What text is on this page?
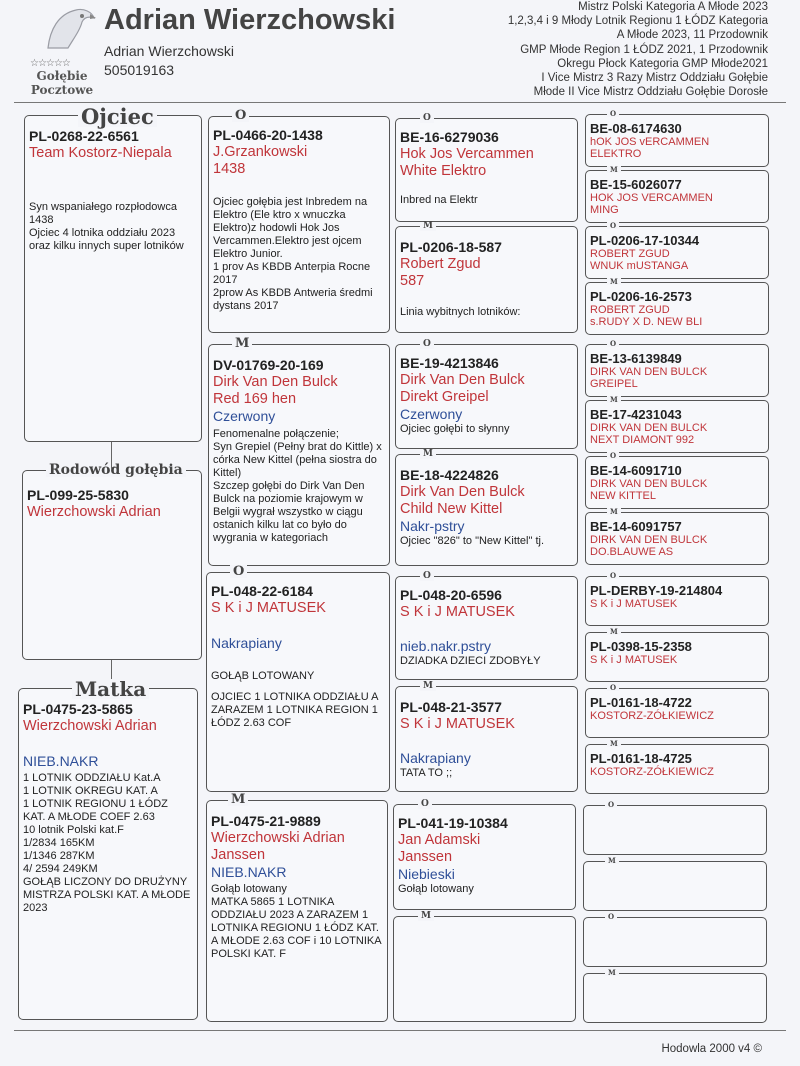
☆☆☆☆☆
Gołębie
Pocztowe
Adrian Wierzchowski
Adrian Wierzchowski
505019163
Mistrz Polski Kategoria A Młode 2023
1,2,3,4 i 9 Młody Lotnik Regionu 1 ŁÓDZ Kategoria
A Młode 2023, 11 Przodownik
GMP Młode Region 1 ŁÓDZ 2021, 1 Przodownik
Okregu Płock Kategoria GMP Młode2021
I Vice Mistrz 3 Razy Mistrz Oddziału Gołębie
Młode II Vice Mistrz Oddziału Gołębie Dorosłe
PL-0268-22-6561
Team Kostorz-Niepala
Syn wspaniałego rozpłodowca 1438
Ojciec 4 lotnika oddziału 2023 oraz kilku innych super lotników
Ojciec
PL-099-25-5830
Wierzchowski Adrian
Rodowód gołębia
PL-0475-23-5865
Wierzchowski Adrian
NIEB.NAKR
1 LOTNIK ODDZIAŁU Kat.A
1 LOTNIK OKREGU KAT. A
1 LOTNIK REGIONU 1 ŁÓDZ
KAT. A MŁODE COEF 2.63
10 lotnik Polski kat.F
1/2834 165KM
1/1346 287KM
4/ 2594 249KM
GOŁĄB LICZONY DO DRUŻYNY MISTRZA POLSKI KAT. A MŁODE 2023
Matka
PL-0466-20-1438
J.Grzankowski
1438
Ojciec gołębia jest Inbredem na Elektro (Ele ktro x wnuczka Elektro)z hodowli Hok Jos Vercammen.Elektro jest ojcem Elektro Junior.
1 prov As KBDB Anterpia Rocne 2017
2prow As KBDB Antweria średmi dystans 2017
O
DV-01769-20-169
Dirk Van Den Bulck
Red 169 hen
Czerwony
Fenomenalne połączenie;
Syn Grepiel (Pełny brat do Kittle) x córka New Kittel (pełna siostra do Kittel)
Szczep gołębi do Dirk Van Den Bulck na poziomie krajowym w Belgii wygrał wszystko w ciągu ostanich kilku lat co było do wygrania w kategoriach
M
PL-048-22-6184
S K i J MATUSEK
Nakrapiany
GOŁĄB LOTOWANY
OJCIEC 1 LOTNIKA ODDZIAŁU A ZARAZEM 1 LOTNIKA REGION 1 ŁÓDZ 2.63 COF
O
PL-0475-21-9889
Wierzchowski Adrian
Janssen
NIEB.NAKR
Gołąb lotowany
MATKA 5865 1 LOTNIKA ODDZIAŁU 2023 A ZARAZEM 1
LOTNIKA REGIONU 1 ŁÓDZ KAT. A MŁODE 2.63 COF i 10 LOTNIKA POLSKI KAT. F
M
BE-16-6279036
Hok Jos Vercammen
White Elektro
Inbred na Elektr
O
PL-0206-18-587
Robert Zgud
587
Linia wybitnych lotników:
M
BE-19-4213846
Dirk Van Den Bulck
Direkt Greipel
Czerwony
Ojciec gołębi to słynny
O
BE-18-4224826
Dirk Van Den Bulck
Child New Kittel
Nakr-pstry
Ojciec "826" to "New Kittel" tj.
M
PL-048-20-6596
S K i J MATUSEK
nieb.nakr.pstry
DZIADKA DZIECI ZDOBYŁY
O
PL-048-21-3577
S K i J MATUSEK
Nakrapiany
TATA TO ;;
M
PL-041-19-10384
Jan Adamski
Janssen
Niebieski
Gołąb lotowany
O
M
BE-08-6174630
hOK JOS vERCAMMEN
ELEKTRO
O
BE-15-6026077
HOK JOS VERCAMMEN
MING
M
PL-0206-17-10344
ROBERT ZGUD
WNUK mUSTANGA
O
PL-0206-16-2573
ROBERT ZGUD
s.RUDY X D. NEW BLI
M
BE-13-6139849
DIRK VAN DEN BULCK
GREIPEL
O
BE-17-4231043
DIRK VAN DEN BULCK
NEXT DIAMONT 992
M
BE-14-6091710
DIRK VAN DEN BULCK
NEW KITTEL
O
BE-14-6091757
DIRK VAN DEN BULCK
DO.BLAUWE AS
M
PL-DERBY-19-214804
S K i J MATUSEK
O
PL-0398-15-2358
S K i J MATUSEK
M
PL-0161-18-4722
KOSTORZ-ZÓŁKIEWICZ
O
PL-0161-18-4725
KOSTORZ-ZÓŁKIEWICZ
M
O
M
O
M
Hodowla 2000 v4 ©
